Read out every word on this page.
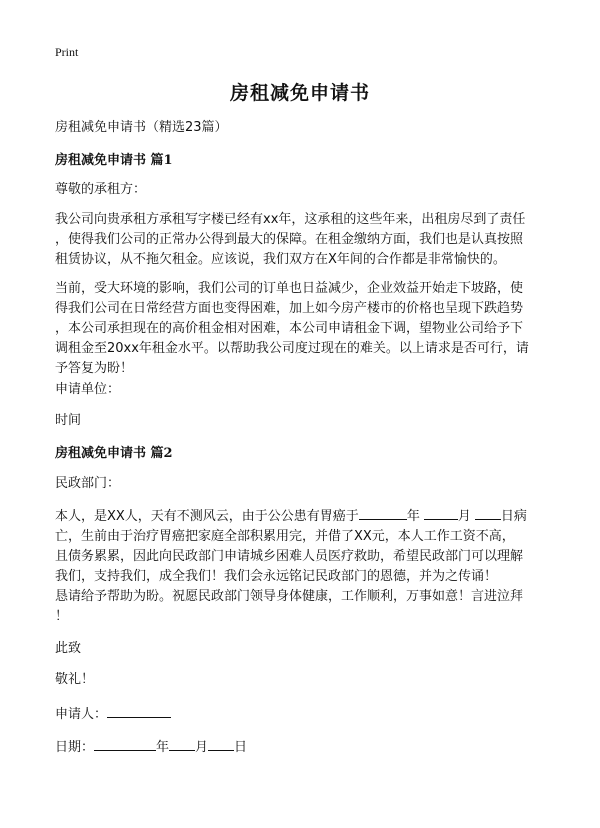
Print
房租减免申请书
房租减免申请书（精选23篇）
房租减免申请书 篇1
尊敬的承租方：
我公司向贵承租方承租写字楼已经有xx年，这承租的这些年来，出租房尽到了责任
，使得我们公司的正常办公得到最大的保障。在租金缴纳方面，我们也是认真按照
租赁协议，从不拖欠租金。应该说，我们双方在X年间的合作都是非常愉快的。
当前，受大环境的影响，我们公司的订单也日益减少，企业效益开始走下坡路，使
得我们公司在日常经营方面也变得困难，加上如今房产楼市的价格也呈现下跌趋势
，本公司承担现在的高价租金相对困难，本公司申请租金下调，望物业公司给予下
调租金至20xx年租金水平。以帮助我公司度过现在的难关。以上请求是否可行，请
予答复为盼！
申请单位：
时间
房租减免申请书 篇2
民政部门：
本人，是XX人，天有不测风云，由于公公患有胃癌于	年	月 日病
亡，生前由于治疗胃癌把家庭全部积累用完，并借了XX元，本人工作工资不高，
且债务累累，因此向民政部门申请城乡困难人员医疗救助，希望民政部门可以理解
我们，支持我们，成全我们！我们会永远铭记民政部门的恩德，并为之传诵！
恳请给予帮助为盼。祝愿民政部门领导身体健康，工作顺利，万事如意！言进泣拜
！
此致
敬礼！
申请人：
日期：	年 月 日
